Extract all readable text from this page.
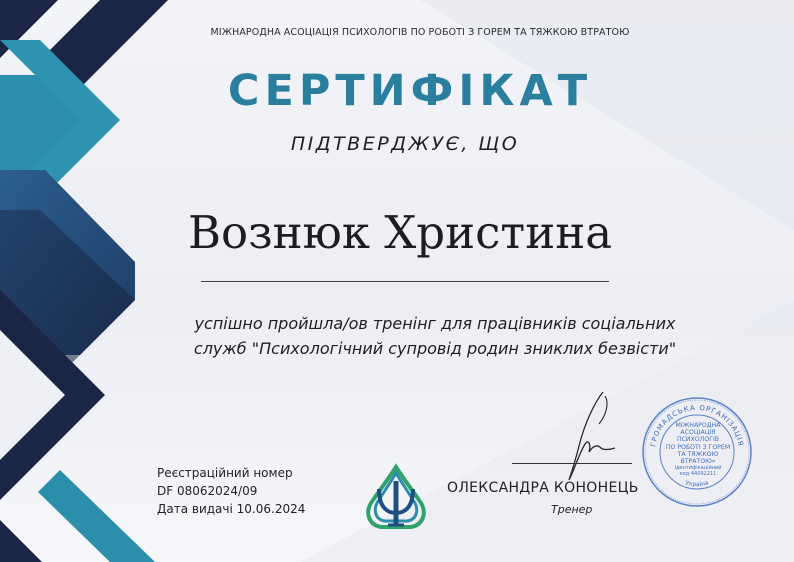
МІЖНАРОДНА АСОЦІАЦІЯ ПСИХОЛОГІВ ПО РОБОТІ З ГОРЕМ ТА ТЯЖКОЮ ВТРАТОЮ
СЕРТИФІКАТ
ПІДТВЕРДЖУЄ, ЩО
Вознюк Христина
успішно пройшла/ов тренінг для працівників соціальних
служб "Психологічний супровід родин зниклих безвісти"
Реєстраційний номер
DF 08062024/09
Дата видачі 10.06.2024
ОЛЕКСАНДРА КОНОНЕЦЬ
Тренер
ГРОМАДСЬКА ОРГАНІЗАЦІЯ
Україна
МІЖНАРОДНА
АСОЦІАЦІЯ
ПСИХОЛОГІВ
ПО РОБОТІ З ГОРЕМ
ТА ТЯЖКОЮ
ВТРАТОЮ»
Ідентифікаційний
код 44092211
